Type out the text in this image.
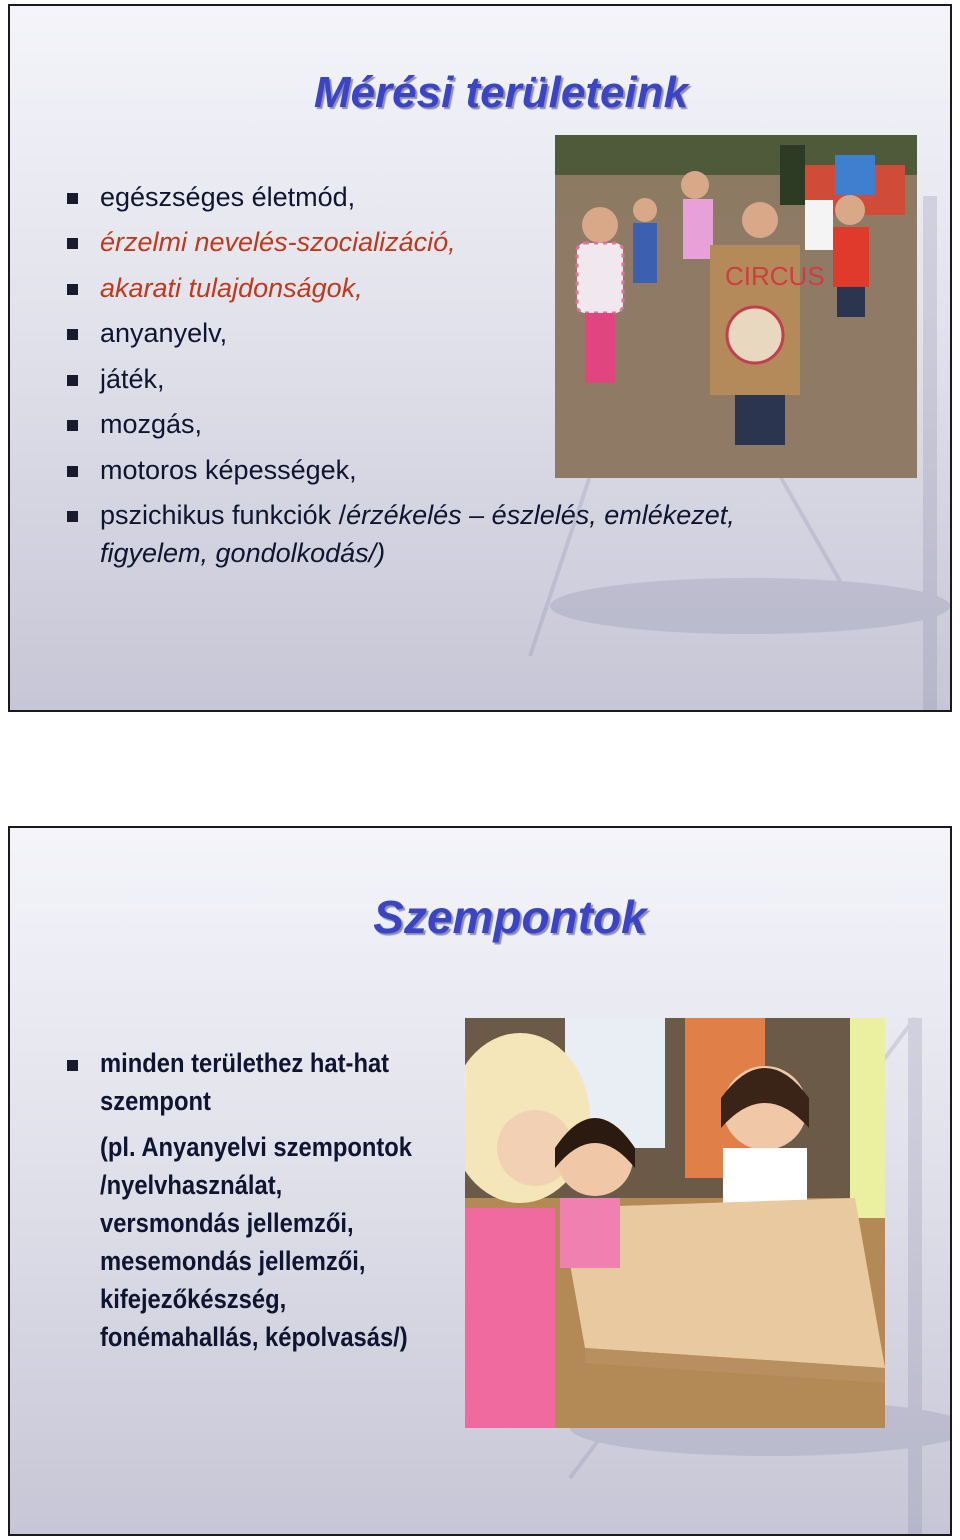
Mérési területeink
CIRCUS
egészséges életmód,
érzelmi nevelés-szocializáció,
akarati tulajdonságok,
anyanyelv,
játék,
mozgás,
motoros képességek,
pszichikus funkciók /érzékelés – észlelés, emlékezet,
figyelem, gondolkodás/)
Szempontok
minden területhez hat-hat
szempont
(pl. Anyanyelvi szempontok
/nyelvhasználat,
versmondás jellemzői,
mesemondás jellemzői,
kifejezőkészség,
fonémahallás, képolvasás/)
